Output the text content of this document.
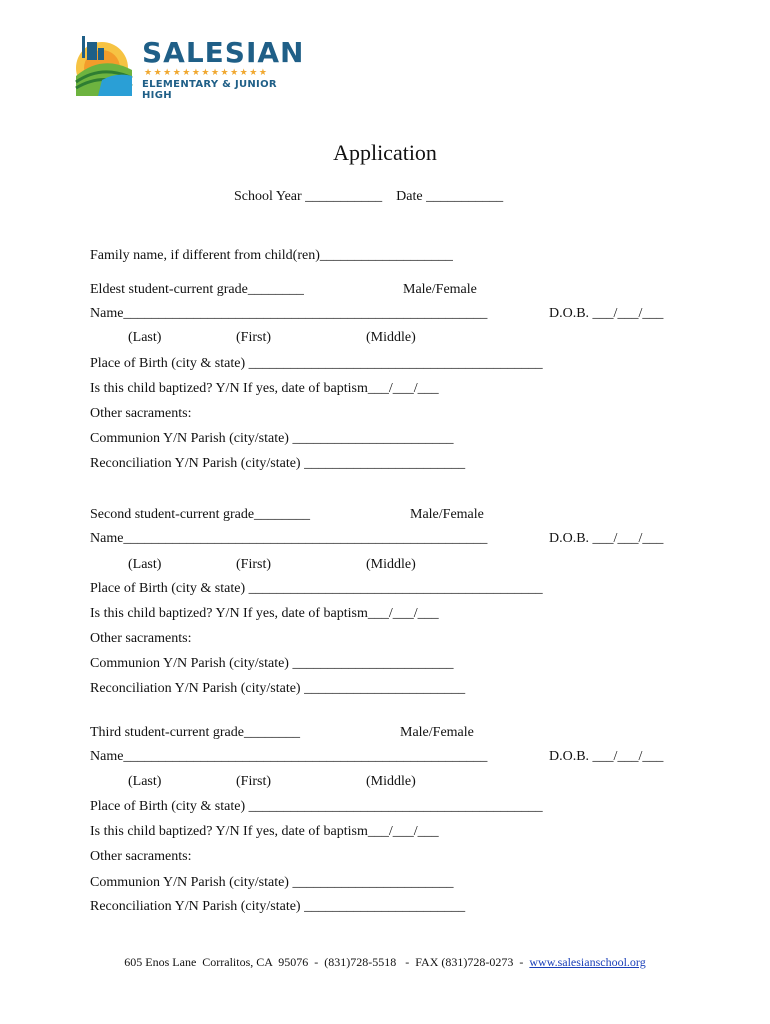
SALESIAN
★★★★★★★★★★★★★
ELEMENTARY & JUNIOR HIGH
Application
School Year ___________    Date ___________
Family name, if different from child(ren)___________________
Eldest student-current grade________	Male/Female
Name____________________________________________________	D.O.B. ___/___/___
(Last)	(First)	(Middle)
Place of Birth (city & state) __________________________________________
Is this child baptized? Y/N If yes, date of baptism___/___/___
Other sacraments:
Communion Y/N Parish (city/state) _______________________
Reconciliation Y/N Parish (city/state) _______________________
Second student-current grade________	Male/Female
Name____________________________________________________	D.O.B. ___/___/___
(Last)	(First)	(Middle)
Place of Birth (city & state) __________________________________________
Is this child baptized? Y/N If yes, date of baptism___/___/___
Other sacraments:
Communion Y/N Parish (city/state) _______________________
Reconciliation Y/N Parish (city/state) _______________________
Third student-current grade________	Male/Female
Name____________________________________________________	D.O.B. ___/___/___
(Last)	(First)	(Middle)
Place of Birth (city & state) __________________________________________
Is this child baptized? Y/N If yes, date of baptism___/___/___
Other sacraments:
Communion Y/N Parish (city/state) _______________________
Reconciliation Y/N Parish (city/state) _______________________
605 Enos Lane  Corralitos, CA  95076  -  (831)728-5518   -  FAX (831)728-0273  -  www.salesianschool.org
